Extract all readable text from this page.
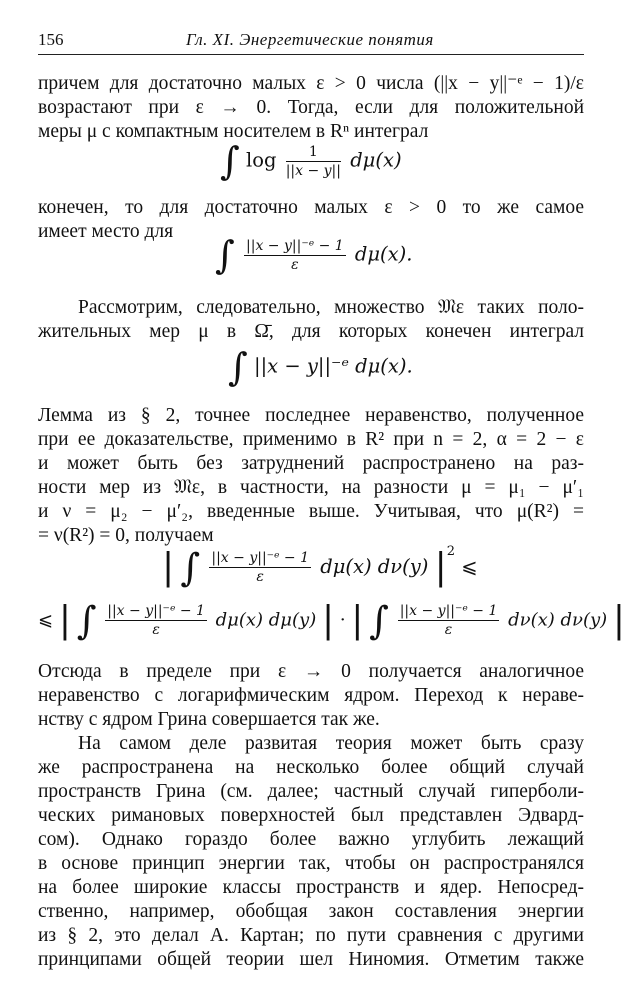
156	Гл. XI. Энергетические понятия
причем для достаточно малых ε > 0 числа (||x − y||⁻ᵉ − 1)/ε
возрастают при ε → 0. Тогда, если для положительной
меры μ с компактным носителем в Rⁿ интеграл
∫ $\log \frac{1}{||x - y||} d\mu(x)$
конечен, то для достаточно малых ε > 0 то же самое
имеет место для
∫ $\frac{\text{||x − y||⁻ᵉ − 1}}{\varepsilon} d\mu(x)$.
Рассмотрим, следовательно, множество 𝔐ε таких поло-
жительных мер μ в Ω̄, для которых конечен интеграл
∫ ||x − y||⁻ᵉ dμ(x).
Лемма из § 2, точнее последнее неравенство, полученное
при ее доказательстве, применимо в R² при n = 2, α = 2 − ε
и может быть без затруднений распространено на раз-
ности мер из 𝔐ε, в частности, на разности μ = μ₁ − μ′₁
и ν = μ₂ − μ′₂, введенные выше. Учитывая, что μ(R²) =
= ν(R²) = 0, получаем
| ∫ $\frac{\text{||x − y||⁻ᵉ − 1}}{\varepsilon} d\mu(x)$ dν(y) $|^2$ ⩽
⩽ | ∫ $\frac{\text{||x − y||⁻ᵉ − 1}}{\varepsilon} d\mu(x)$ dμ(y) | · | ∫ $\frac{\text{||x − y||⁻ᵉ − 1}}{\varepsilon} d\nu(x)$ dν(y) |
Отсюда в пределе при ε → 0 получается аналогичное
неравенство с логарифмическим ядром. Переход к нераве-
нству с ядром Грина совершается так же.
На самом деле развитая теория может быть сразу
же распространена на несколько более общий случай
пространств Грина (см. далее; частный случай гипербoли-
ческих римановых поверхностей был представлен Эдвард-
сом). Однако гораздо более важно углубить лежащий
в основе принцип энергии так, чтобы он распространялся
на более широкие классы пространств и ядер. Непосред-
ственно, например, обобщая закон составления энергии
из § 2, это делал А. Картан; по пути сравнения с другими
принципами общей теории шел Ниномия. Отметим также
